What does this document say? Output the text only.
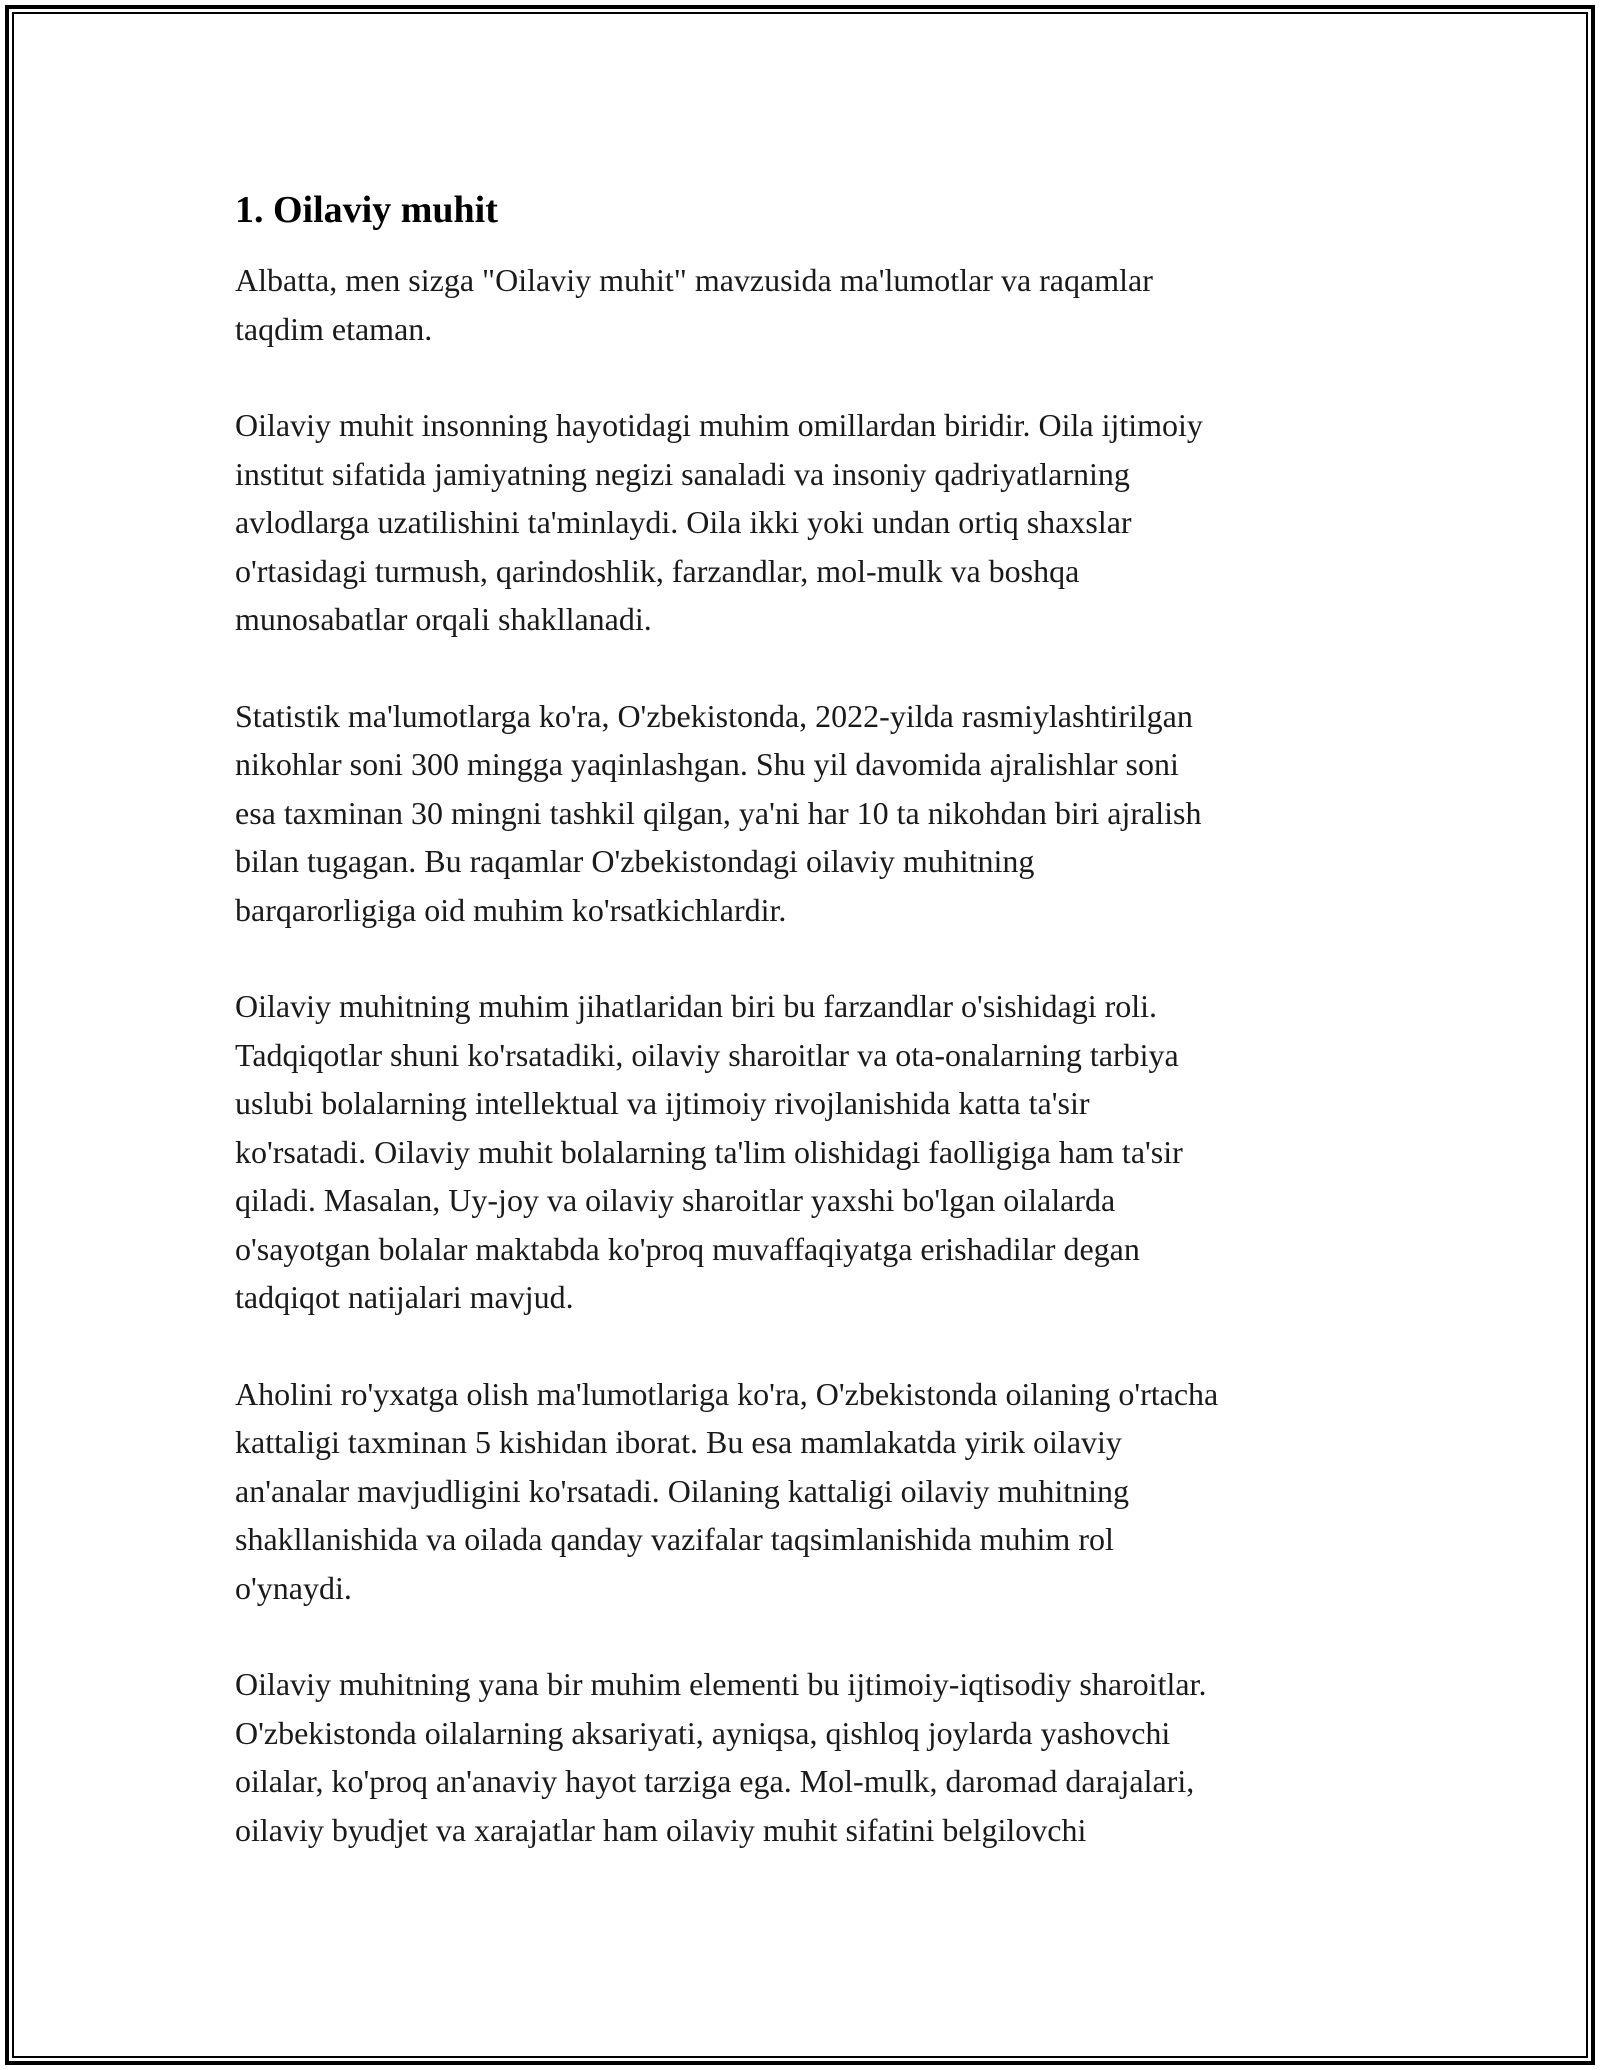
1. Oilaviy muhit

Albatta, men sizga "Oilaviy muhit" mavzusida ma'lumotlar va raqamlar
taqdim etaman.

Oilaviy muhit insonning hayotidagi muhim omillardan biridir. Oila ijtimoiy
institut sifatida jamiyatning negizi sanaladi va insoniy qadriyatlarning
avlodlarga uzatilishini ta'minlaydi. Oila ikki yoki undan ortiq shaxslar
o'rtasidagi turmush, qarindoshlik, farzandlar, mol-mulk va boshqa
munosabatlar orqali shakllanadi.

Statistik ma'lumotlarga ko'ra, O'zbekistonda, 2022-yilda rasmiylashtirilgan
nikohlar soni 300 mingga yaqinlashgan. Shu yil davomida ajralishlar soni
esa taxminan 30 mingni tashkil qilgan, ya'ni har 10 ta nikohdan biri ajralish
bilan tugagan. Bu raqamlar O'zbekistondagi oilaviy muhitning
barqarorligiga oid muhim ko'rsatkichlardir.

Oilaviy muhitning muhim jihatlaridan biri bu farzandlar o'sishidagi roli.
Tadqiqotlar shuni ko'rsatadiki, oilaviy sharoitlar va ota-onalarning tarbiya
uslubi bolalarning intellektual va ijtimoiy rivojlanishida katta ta'sir
ko'rsatadi. Oilaviy muhit bolalarning ta'lim olishidagi faolligiga ham ta'sir
qiladi. Masalan, Uy-joy va oilaviy sharoitlar yaxshi bo'lgan oilalarda
o'sayotgan bolalar maktabda ko'proq muvaffaqiyatga erishadilar degan
tadqiqot natijalari mavjud.

Aholini ro'yxatga olish ma'lumotlariga ko'ra, O'zbekistonda oilaning o'rtacha
kattaligi taxminan 5 kishidan iborat. Bu esa mamlakatda yirik oilaviy
an'analar mavjudligini ko'rsatadi. Oilaning kattaligi oilaviy muhitning
shakllanishida va oilada qanday vazifalar taqsimlanishida muhim rol
o'ynaydi.

Oilaviy muhitning yana bir muhim elementi bu ijtimoiy-iqtisodiy sharoitlar.
O'zbekistonda oilalarning aksariyati, ayniqsa, qishloq joylarda yashovchi
oilalar, ko'proq an'anaviy hayot tarziga ega. Mol-mulk, daromad darajalari,
oilaviy byudjet va xarajatlar ham oilaviy muhit sifatini belgilovchi
